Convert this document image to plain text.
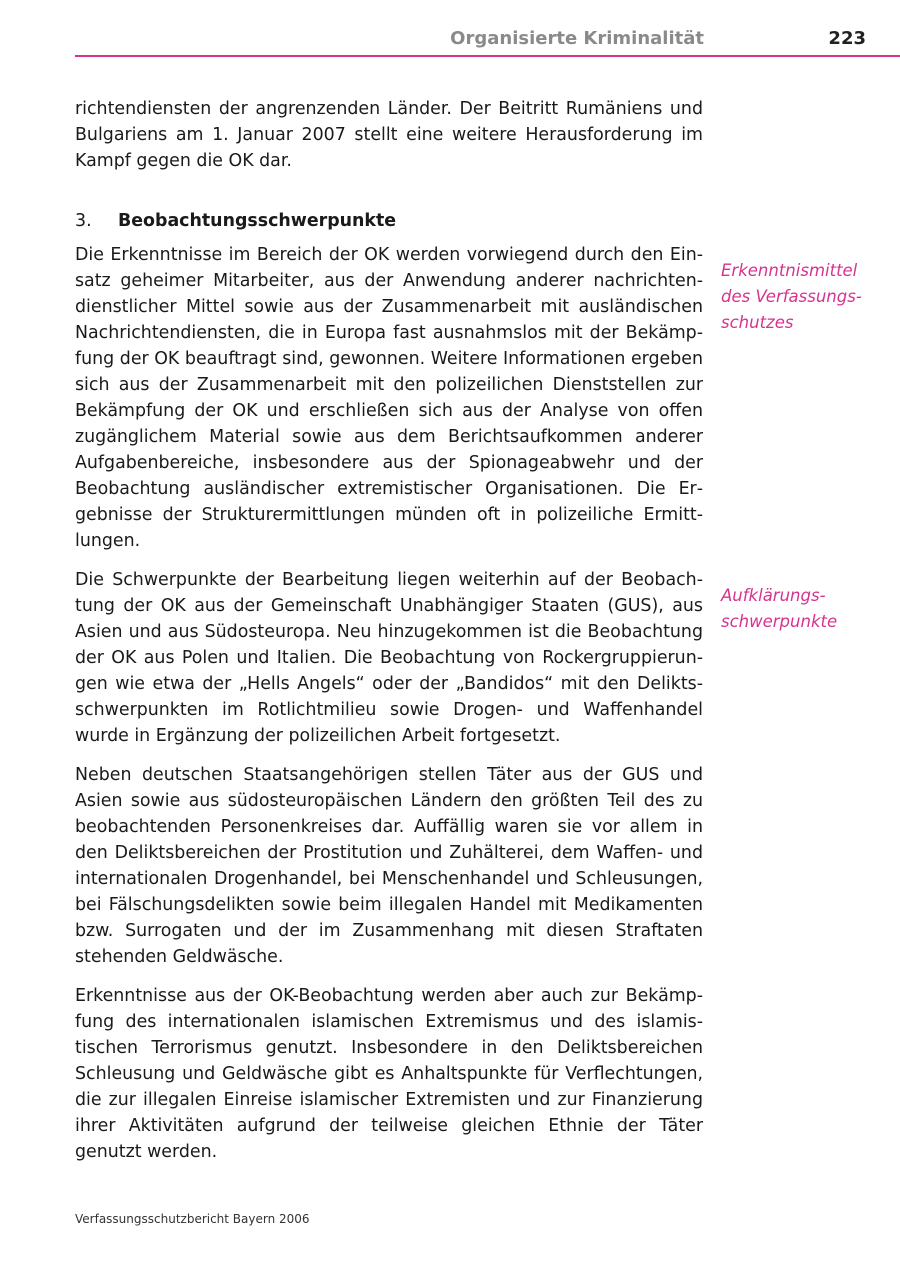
Organisierte Kriminalität	223

richtendiensten der angrenzenden Länder. Der Beitritt Rumäniens und Bulgariens am 1. Januar 2007 stellt eine weitere Herausforderung im Kampf gegen die OK dar.

3.	Beobachtungsschwerpunkte

Die Erkenntnisse im Bereich der OK werden vorwiegend durch den Einsatz geheimer Mitarbeiter, aus der Anwendung anderer nachrichtendienstlicher Mittel sowie aus der Zusammenarbeit mit ausländischen Nachrichtendiensten, die in Europa fast ausnahmslos mit der Bekämpfung der OK beauftragt sind, gewonnen. Weitere Informationen ergeben sich aus der Zusammenarbeit mit den polizeilichen Dienststellen zur Bekämpfung der OK und erschließen sich aus der Analyse von offen zugänglichem Material sowie aus dem Berichtsaufkommen anderer Aufgabenbereiche, insbesondere aus der Spionageabwehr und der Beobachtung ausländischer extremistischer Organisationen. Die Ergebnisse der Strukturermittlungen münden oft in polizeiliche Ermittlungen.

Die Schwerpunkte der Bearbeitung liegen weiterhin auf der Beobachtung der OK aus der Gemeinschaft Unabhängiger Staaten (GUS), aus Asien und aus Südosteuropa. Neu hinzugekommen ist die Beobachtung der OK aus Polen und Italien. Die Beobachtung von Rockergruppierungen wie etwa der „Hells Angels“ oder der „Bandidos“ mit den Deliktsschwerpunkten im Rotlichtmilieu sowie Drogen- und Waffenhandel wurde in Ergänzung der polizeilichen Arbeit fortgesetzt.

Neben deutschen Staatsangehörigen stellen Täter aus der GUS und Asien sowie aus südosteuropäischen Ländern den größten Teil des zu beobachtenden Personenkreises dar. Auffällig waren sie vor allem in den Deliktsbereichen der Prostitution und Zuhälterei, dem Waffen- und internationalen Drogenhandel, bei Menschenhandel und Schleusungen, bei Fälschungsdelikten sowie beim illegalen Handel mit Medikamenten bzw. Surrogaten und der im Zusammenhang mit diesen Straftaten stehenden Geldwäsche.

Erkenntnisse aus der OK-Beobachtung werden aber auch zur Bekämpfung des internationalen islamischen Extremismus und des islamistischen Terrorismus genutzt. Insbesondere in den Deliktsbereichen Schleusung und Geldwäsche gibt es Anhaltspunkte für Verflechtungen, die zur illegalen Einreise islamischer Extremisten und zur Finanzierung ihrer Aktivitäten aufgrund der teilweise gleichen Ethnie der Täter genutzt werden.

Erkenntnismittel
des Verfassungs-
schutzes
Aufklärungs-
schwerpunkte
Verfassungsschutzbericht Bayern 2006
